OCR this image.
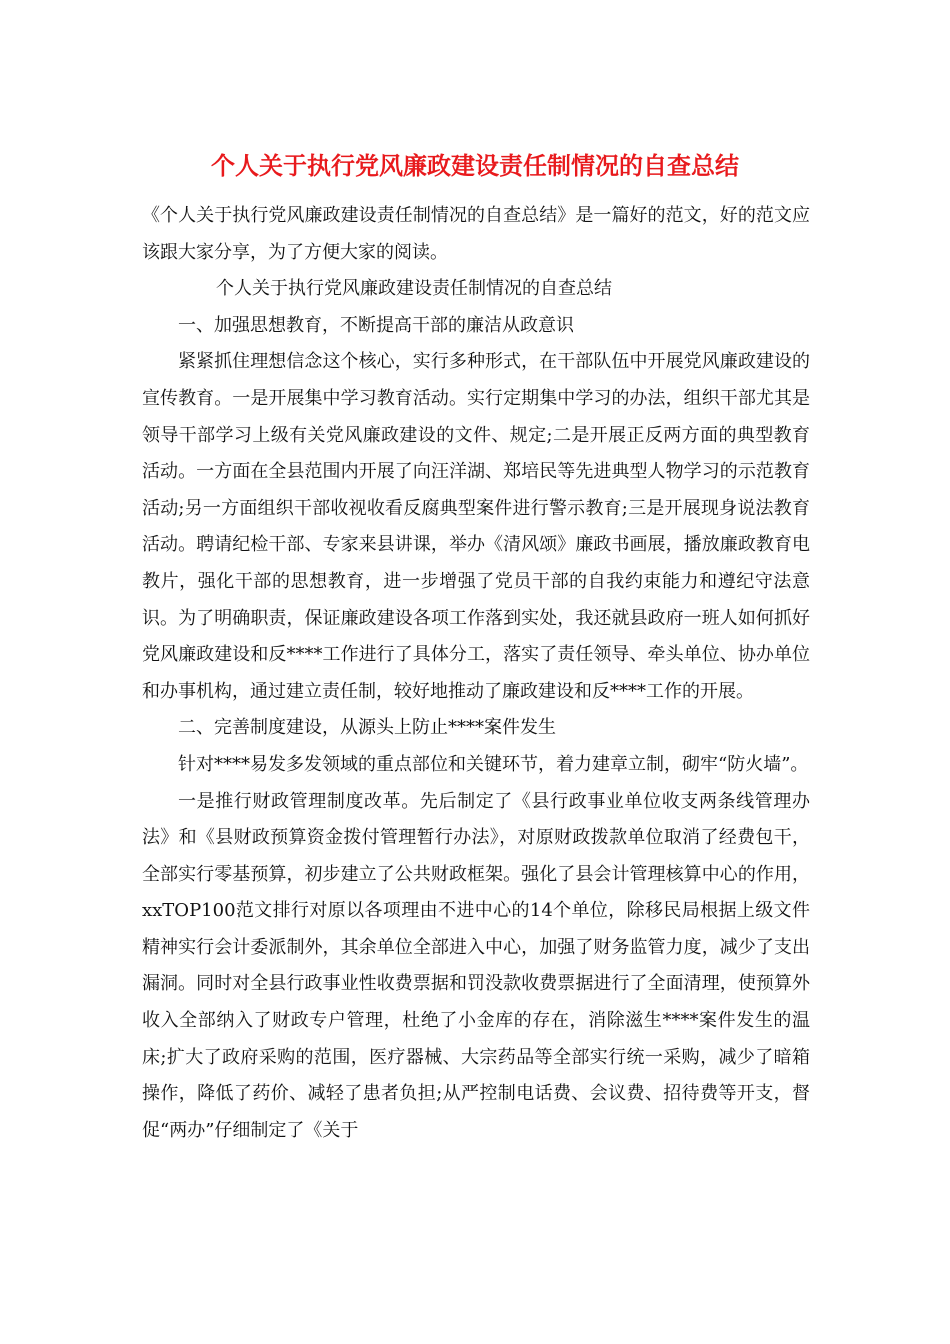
个人关于执行党风廉政建设责任制情况的自查总结

《个人关于执行党风廉政建设责任制情况的自查总结》是一篇好的范文，好的范文应该跟大家分享，为了方便大家的阅读。

个人关于执行党风廉政建设责任制情况的自查总结

一、加强思想教育，不断提高干部的廉洁从政意识

紧紧抓住理想信念这个核心，实行多种形式，在干部队伍中开展党风廉政建设的宣传教育。一是开展集中学习教育活动。实行定期集中学习的办法，组织干部尤其是领导干部学习上级有关党风廉政建设的文件、规定;二是开展正反两方面的典型教育活动。一方面在全县范围内开展了向汪洋湖、郑培民等先进典型人物学习的示范教育活动;另一方面组织干部收视收看反腐典型案件进行警示教育;三是开展现身说法教育活动。聘请纪检干部、专家来县讲课，举办《清风颂》廉政书画展，播放廉政教育电教片，强化干部的思想教育，进一步增强了党员干部的自我约束能力和遵纪守法意识。为了明确职责，保证廉政建设各项工作落到实处，我还就县政府一班人如何抓好党风廉政建设和反****工作进行了具体分工，落实了责任领导、牵头单位、协办单位和办事机构，通过建立责任制，较好地推动了廉政建设和反****工作的开展。

二、完善制度建设，从源头上防止****案件发生

针对****易发多发领域的重点部位和关键环节，着力建章立制，砌牢“防火墙”。

一是推行财政管理制度改革。先后制定了《县行政事业单位收支两条线管理办法》和《县财政预算资金拨付管理暂行办法》，对原财政拨款单位取消了经费包干，全部实行零基预算，初步建立了公共财政框架。强化了县会计管理核算中心的作用，xxTOP100范文排行对原以各项理由不进中心的14个单位，除移民局根据上级文件精神实行会计委派制外，其余单位全部进入中心，加强了财务监管力度，减少了支出漏洞。同时对全县行政事业性收费票据和罚没款收费票据进行了全面清理，使预算外收入全部纳入了财政专户管理，杜绝了小金库的存在，消除滋生****案件发生的温床;扩大了政府采购的范围，医疗器械、大宗药品等全部实行统一采购，减少了暗箱操作，降低了药价、减轻了患者负担;从严控制电话费、会议费、招待费等开支，督促“两办”仔细制定了《关于
